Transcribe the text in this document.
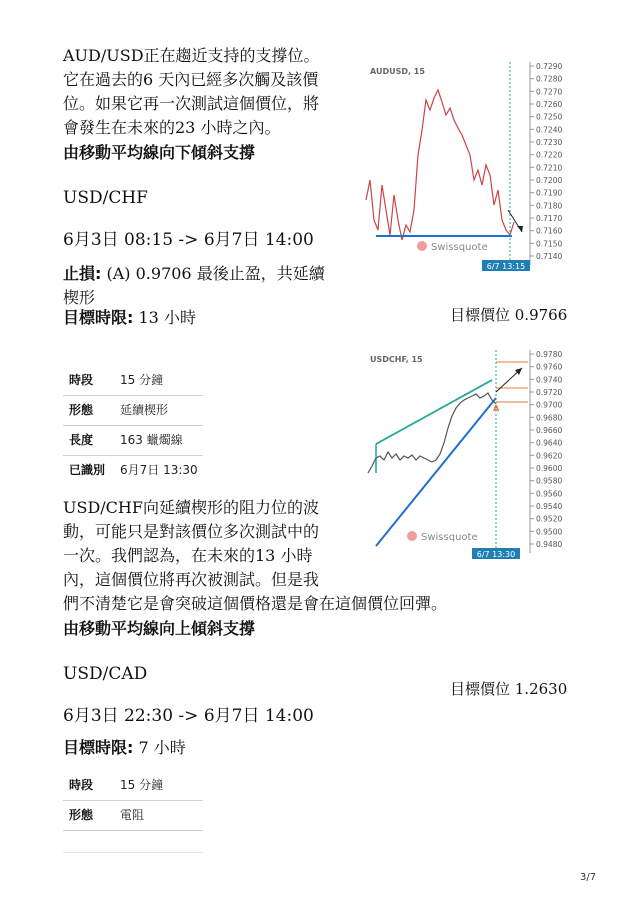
AUD/USD正在趨近支持的支撐位。
它在過去的6 天內已經多次觸及該價
位。如果它再一次測試這個價位，將
會發生在未來的23 小時之內。
由移動平均線向下傾斜支撐
0.7290
0.7280
0.7270
0.7260
0.7250
0.7240
0.7230
0.7220
0.7210
0.7200
0.7190
0.7180
0.7170
0.7160
0.7150
0.7140
AUDUSD, 15
Swissquote
6/7 13:15
USD/CHF
6月3日 08:15 -> 6月7日 14:00
止損: (A) 0.9706 最後止盈，共延續
楔形
目標時限: 13 小時	目標價位 0.9766
時段 15 分鐘
形態 延續楔形
長度 163 蠟燭線
已識別 6月7日 13:30
0.9780
0.9760
0.9740
0.9720
0.9700
0.9680
0.9660
0.9640
0.9620
0.9600
0.9580
0.9560
0.9540
0.9520
0.9500
0.9480
USDCHF, 15
A
Swissquote
6/7 13:30
USD/CHF向延續楔形的阻力位的波
動，可能只是對該價位多次測試中的
一次。我們認為，在未來的13 小時
內，這個價位將再次被測試。但是我
們不清楚它是會突破這個價格還是會在這個價位回彈。
由移動平均線向上傾斜支撐
USD/CAD
目標價位 1.2630
6月3日 22:30 -> 6月7日 14:00
目標時限: 7 小時
時段 15 分鐘
形態 電阻
3/7
